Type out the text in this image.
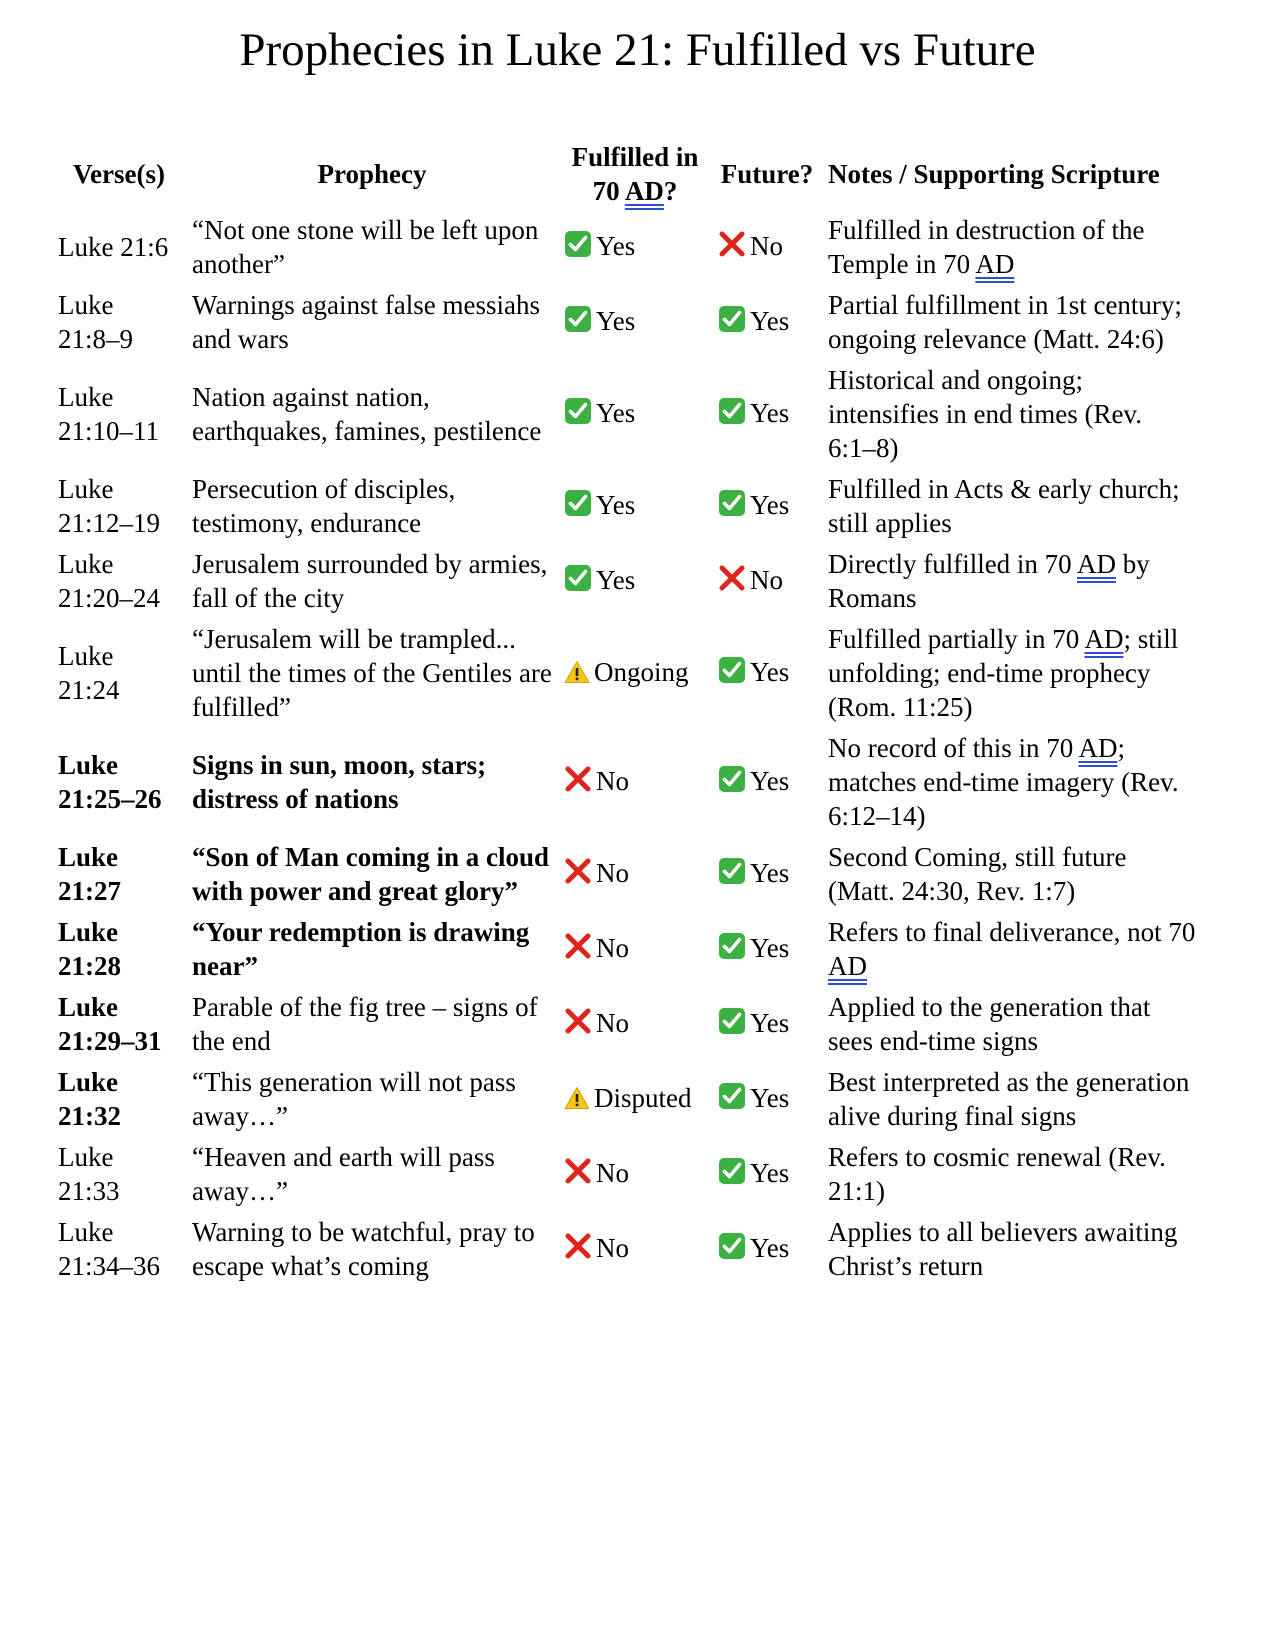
Prophecies in Luke 21: Fulfilled vs Future
Verse(s)	Prophecy	Fulfilled in 70 AD?	Future?	Notes / Supporting Scripture
Luke 21:6	“Not one stone will be left upon another”	Yes	No	Fulfilled in destruction of the Temple in 70 AD
Luke 21:8–9	Warnings against false messiahs and wars	Yes	Yes	Partial fulfillment in 1st century; ongoing relevance (Matt. 24:6)
Luke 21:10–11	Nation against nation, earthquakes, famines, pestilence	Yes	Yes	Historical and ongoing; intensifies in end times (Rev. 6:1–8)
Luke 21:12–19	Persecution of disciples, testimony, endurance	Yes	Yes	Fulfilled in Acts & early church; still applies
Luke 21:20–24	Jerusalem surrounded by armies, fall of the city	Yes	No	Directly fulfilled in 70 AD by Romans
Luke 21:24	“Jerusalem will be trampled... until the times of the Gentiles are fulfilled”	Ongoing	Yes	Fulfilled partially in 70 AD; still unfolding; end-time prophecy (Rom. 11:25)
Luke 21:25–26	Signs in sun, moon, stars; distress of nations	No	Yes	No record of this in 70 AD; matches end-time imagery (Rev. 6:12–14)
Luke 21:27	“Son of Man coming in a cloud with power and great glory”	No	Yes	Second Coming, still future (Matt. 24:30, Rev. 1:7)
Luke 21:28	“Your redemption is drawing near”	No	Yes	Refers to final deliverance, not 70 AD
Luke 21:29–31	Parable of the fig tree – signs of the end	No	Yes	Applied to the generation that sees end-time signs
Luke 21:32	“This generation will not pass away…”	Disputed	Yes	Best interpreted as the generation alive during final signs
Luke 21:33	“Heaven and earth will pass away…”	No	Yes	Refers to cosmic renewal (Rev. 21:1)
Luke 21:34–36	Warning to be watchful, pray to escape what’s coming	No	Yes	Applies to all believers awaiting Christ’s return
